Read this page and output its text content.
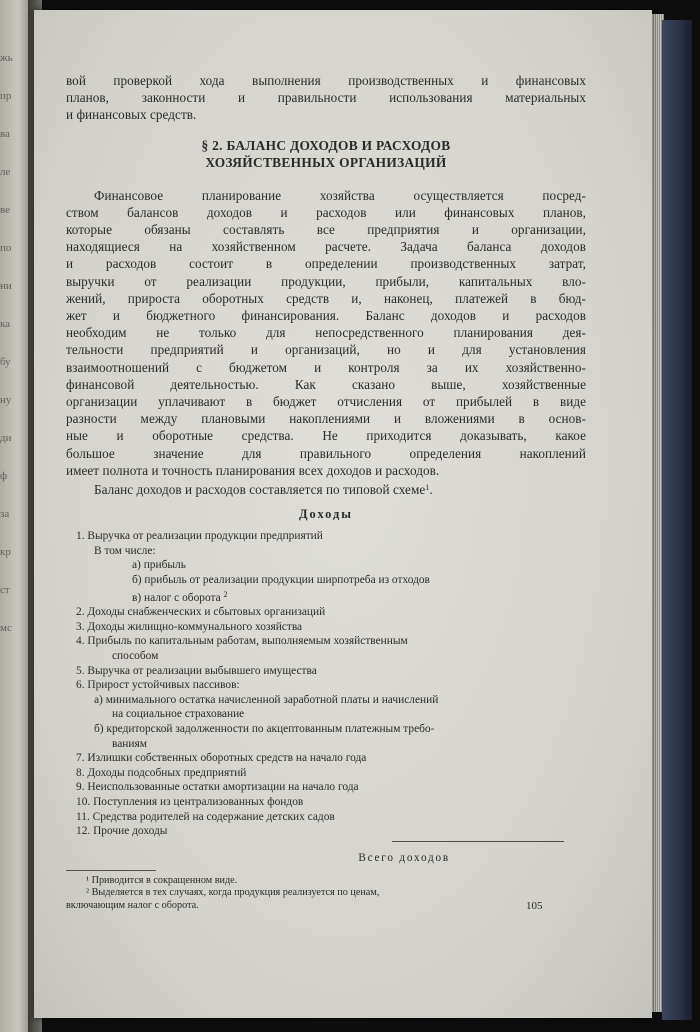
жь
пр
ва
ле
ве
по
ни
ка
бу
ну
ди
ф
за
кр
ст
мс
вой проверкой хода выполнения производственных и финансовых
планов, законности и правильности использования материальных
и финансовых средств.
§ 2. БАЛАНС ДОХОДОВ И РАСХОДОВ
ХОЗЯЙСТВЕННЫХ ОРГАНИЗАЦИЙ
Финансовое планирование хозяйства осуществляется посред-
ством балансов доходов и расходов или финансовых планов,
которые обязаны составлять все предприятия и организации,
находящиеся на хозяйственном расчете. Задача баланса доходов
и расходов состоит в определении производственных затрат,
выручки от реализации продукции, прибыли, капитальных вло-
жений, прироста оборотных средств и, наконец, платежей в бюд-
жет и бюджетного финансирования. Баланс доходов и расходов
необходим не только для непосредственного планирования дея-
тельности предприятий и организаций, но и для установления
взаимоотношений с бюджетом и контроля за их хозяйственно-
финансовой деятельностью. Как сказано выше, хозяйственные
организации уплачивают в бюджет отчисления от прибылей в виде
разности между плановыми накоплениями и вложениями в основ-
ные и оборотные средства. Не приходится доказывать, какое
большое значение для правильного определения накоплений
имеет полнота и точность планирования всех доходов и расходов.
Баланс доходов и расходов составляется по типовой схеме$^1$.
Доходы
1. Выручка от реализации продукции предприятий
В том числе:
а) прибыль
б) прибыль от реализации продукции ширпотреба из отходов
в) налог с оборота $^2$
2. Доходы снабженческих и сбытовых организаций
3. Доходы жилищно-коммунального хозяйства
4. Прибыль по капитальным работам, выполняемым хозяйственным
способом
5. Выручка от реализации выбывшего имущества
6. Прирост устойчивых пассивов:
а) минимального остатка начисленной заработной платы и начислений
на социальное страхование
б) кредиторской задолженности по акцептованным платежным требо-
ваниям
7. Излишки собственных оборотных средств на начало года
8. Доходы подсобных предприятий
9. Неиспользованные остатки амортизации на начало года
10. Поступления из централизованных фондов
11. Средства родителей на содержание детских садов
12. Прочие доходы
Всего доходов
¹ Приводится в сокращенном виде.
² Выделяется в тех случаях, когда продукция реализуется по ценам,
включающим налог с оборота.	105
